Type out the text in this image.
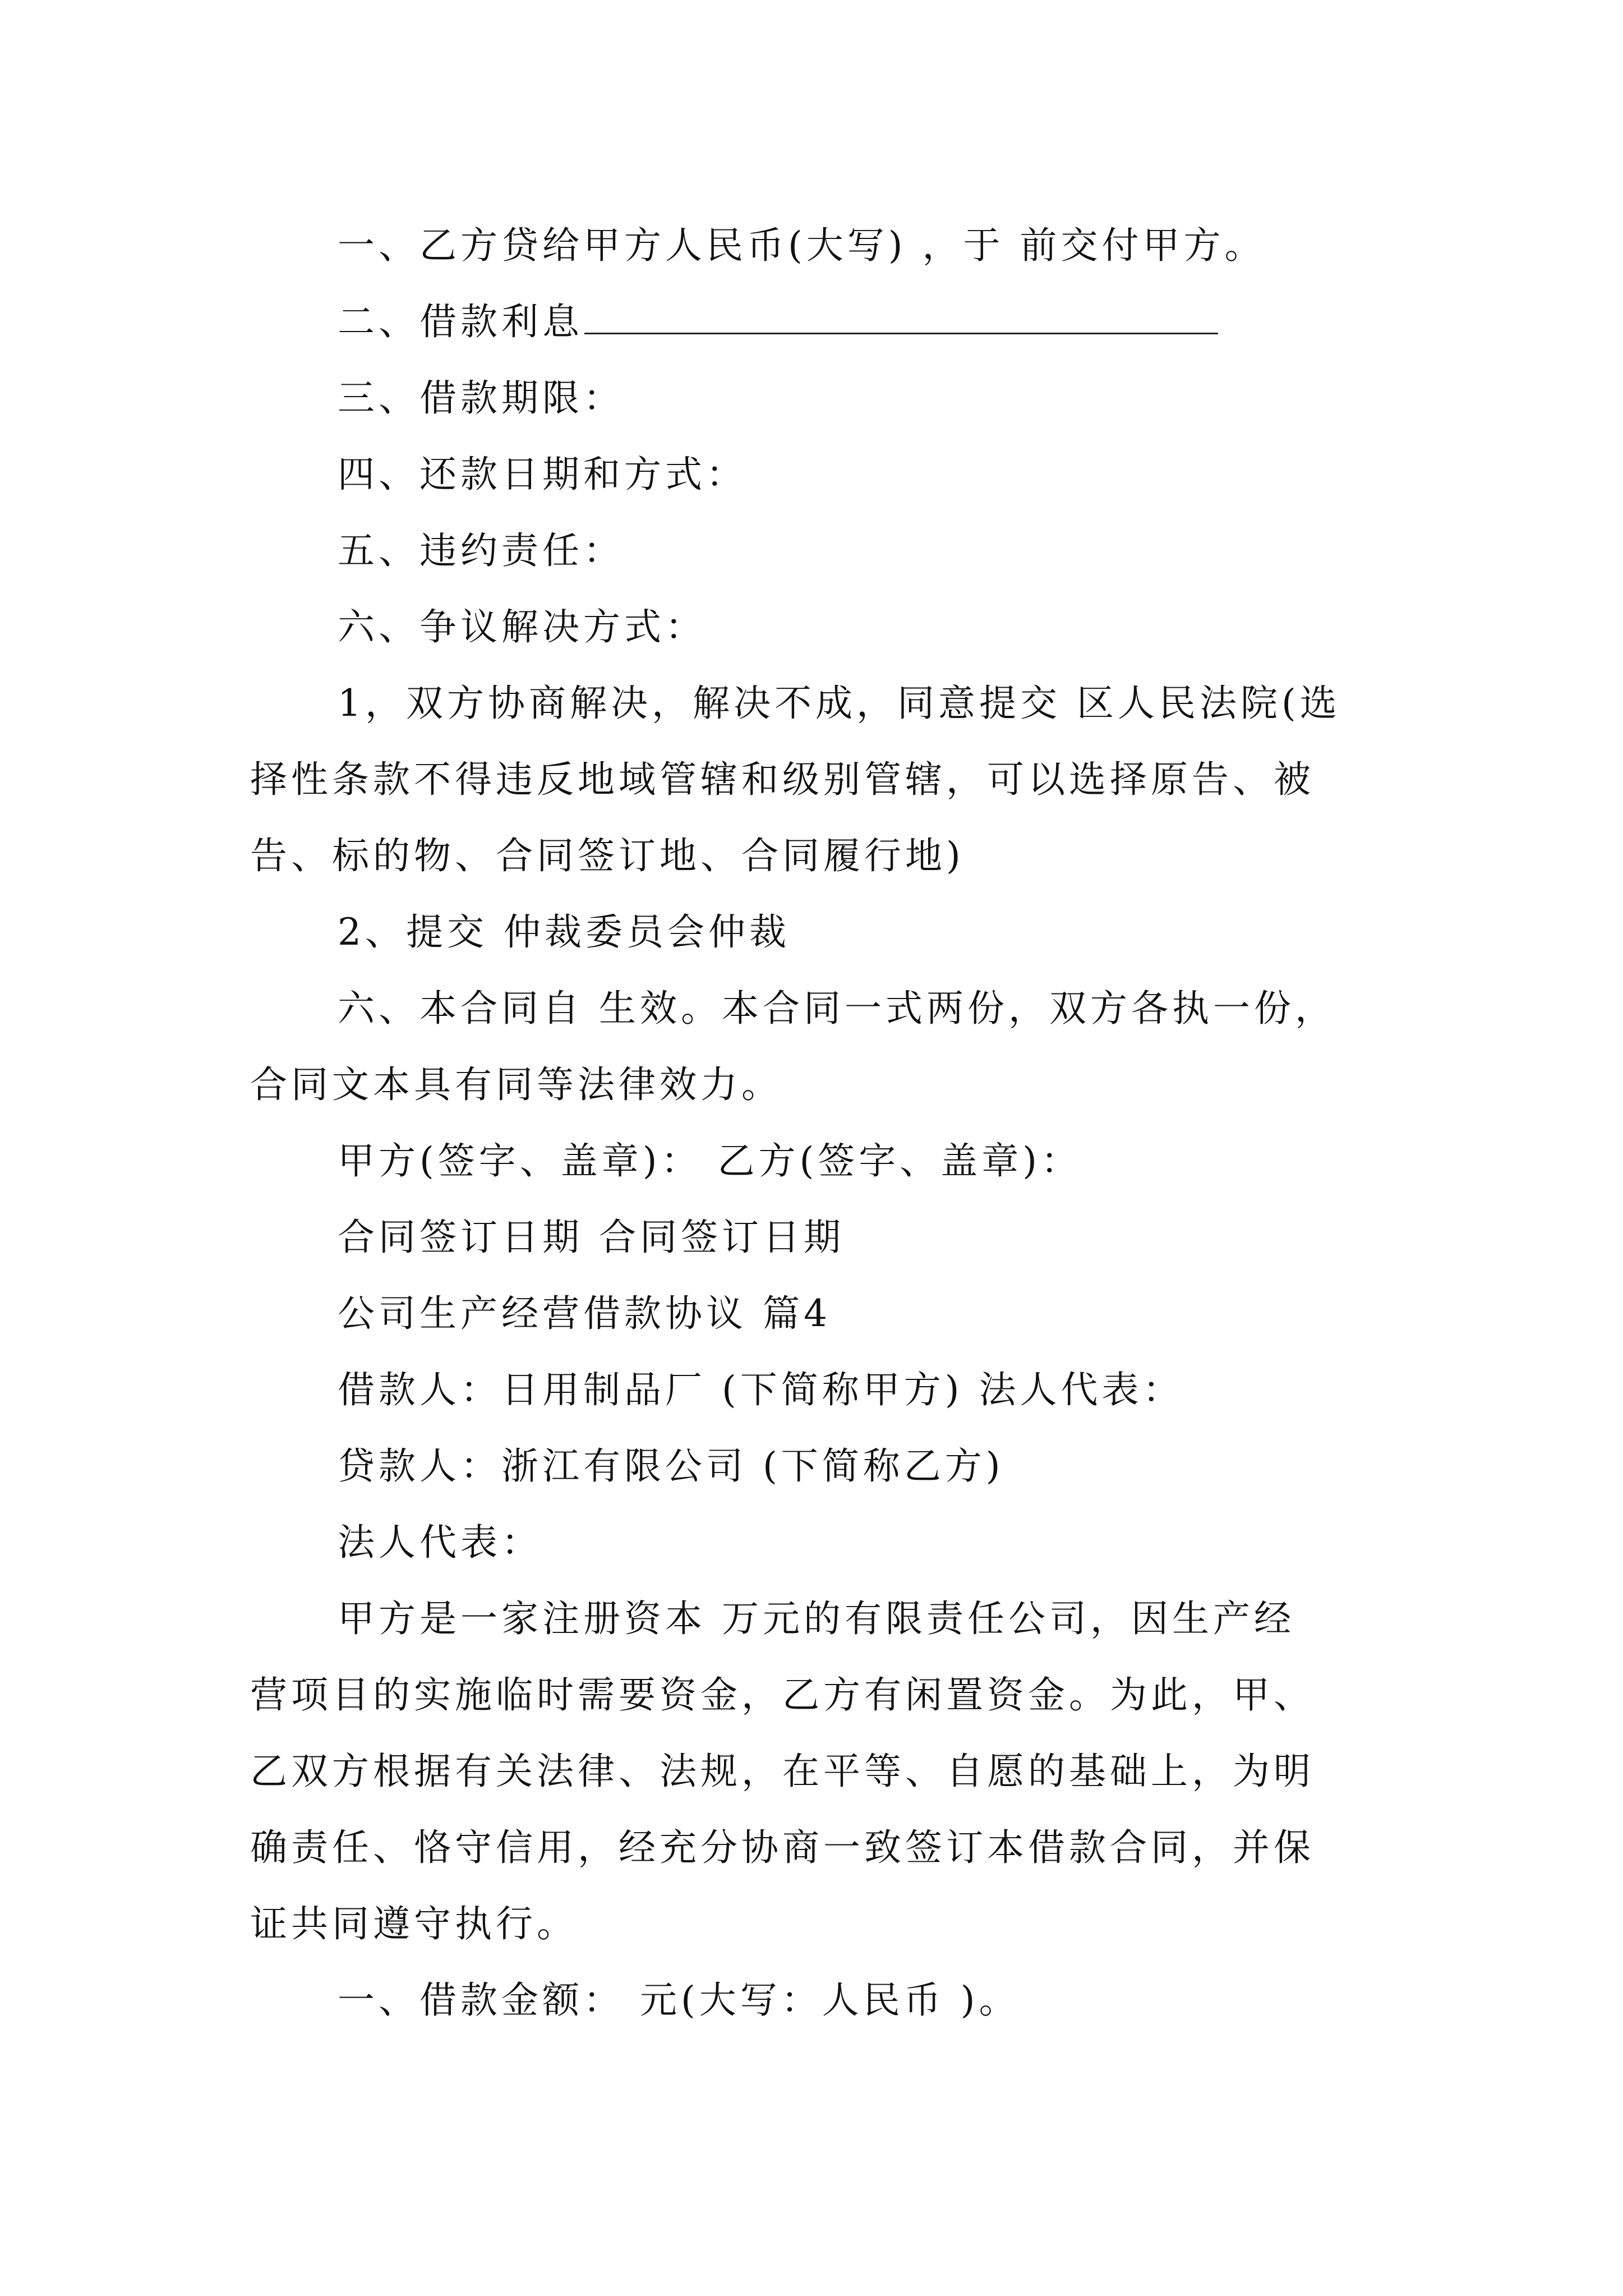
一、乙方贷给甲方人民币(大写) ，于 前交付甲方。
二、借款利息
三、借款期限：
四、还款日期和方式：
五、违约责任：
六、争议解决方式：
1，双方协商解决，解决不成，同意提交 区人民法院(选
择性条款不得违反地域管辖和级别管辖，可以选择原告、被
告、标的物、合同签订地、合同履行地)
2、提交 仲裁委员会仲裁
六、本合同自 生效。本合同一式两份，双方各执一份，
合同文本具有同等法律效力。
甲方(签字、盖章)： 乙方(签字、盖章)：
合同签订日期 合同签订日期
公司生产经营借款协议 篇4
借款人：日用制品厂 (下简称甲方) 法人代表：
贷款人：浙江有限公司 (下简称乙方)
法人代表：
甲方是一家注册资本 万元的有限责任公司，因生产经
营项目的实施临时需要资金，乙方有闲置资金。为此，甲、
乙双方根据有关法律、法规，在平等、自愿的基础上，为明
确责任、恪守信用，经充分协商一致签订本借款合同，并保
证共同遵守执行。
一、借款金额： 元(大写：人民币 )。
